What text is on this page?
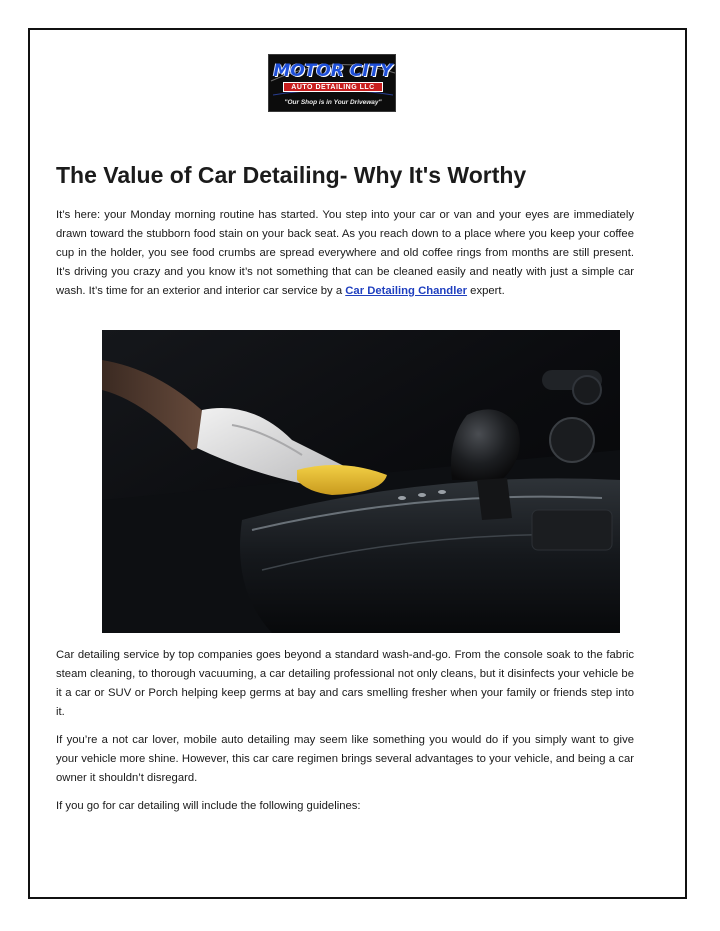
MOTOR CITY
AUTO DETAILING LLC
"Our Shop is in Your Driveway"
The Value of Car Detailing- Why It's Worthy

It’s here: your Monday morning routine has started. You step into your car or van and your eyes are immediately drawn toward the stubborn food stain on your back seat. As you reach down to a place where you keep your coffee cup in the holder, you see food crumbs are spread everywhere and old coffee rings from months are still present. It’s driving you crazy and you know it’s not something that can be cleaned easily and neatly with just a simple car wash. It’s time for an exterior and interior car service by a Car Detailing Chandler expert.

Car detailing service by top companies goes beyond a standard wash-and-go. From the console soak to the fabric steam cleaning, to thorough vacuuming, a car detailing professional not only cleans, but it disinfects your vehicle be it a car or SUV or Porch helping keep germs at bay and cars smelling fresher when your family or friends step into it.

If you’re a not car lover, mobile auto detailing may seem like something you would do if you simply want to give your vehicle more shine. However, this car care regimen brings several advantages to your vehicle, and being a car owner it shouldn’t disregard.

If you go for car detailing will include the following guidelines:
